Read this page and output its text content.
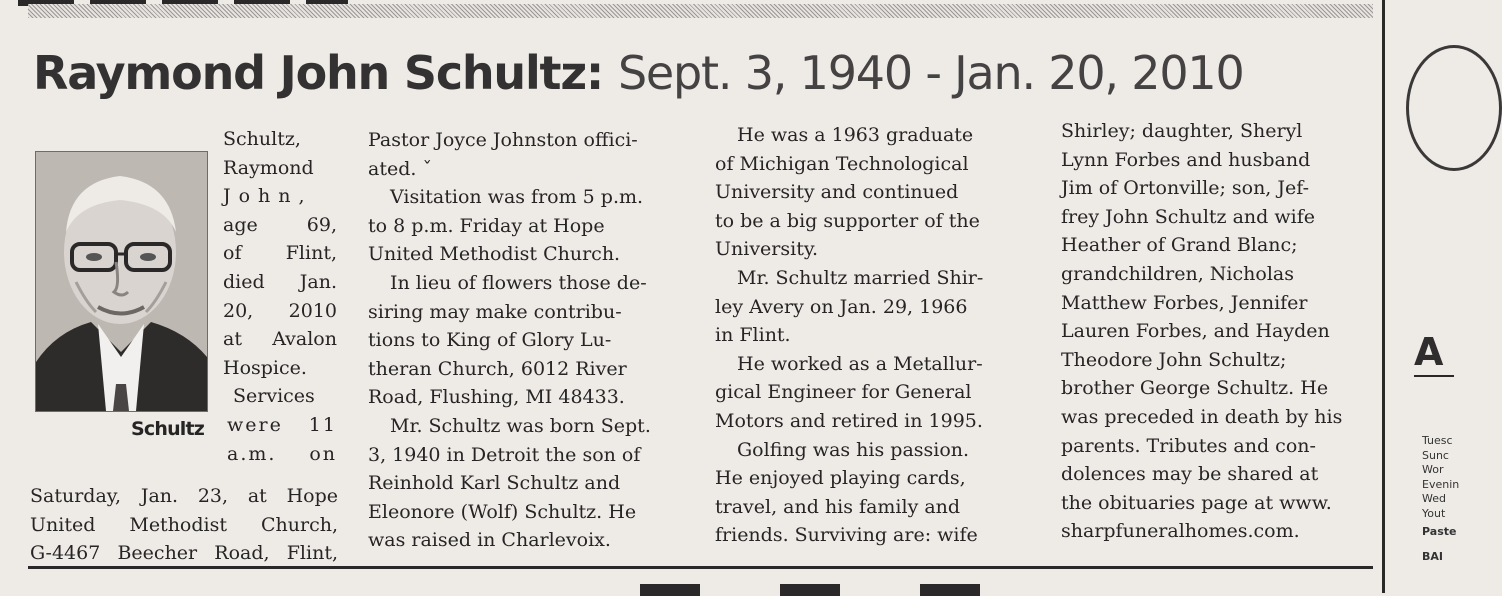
Raymond John Schultz: Sept. 3, 1940 - Jan. 20, 2010
Schultz

Schultz,

Raymond

John,

age 69,

of Flint,

died Jan.

20, 2010

at Avalon

Hospice.

Services

were 11

a.m. on

Saturday, Jan. 23, at Hope

United Methodist Church,

G-4467 Beecher Road, Flint,

Pastor Joyce Johnston offici-

ated. ˇ

Visitation was from 5 p.m.

to 8 p.m. Friday at Hope

United Methodist Church.

In lieu of flowers those de-

siring may make contribu-

tions to King of Glory Lu-

theran Church, 6012 River

Road, Flushing, MI 48433.

Mr. Schultz was born Sept.

3, 1940 in Detroit the son of

Reinhold Karl Schultz and

Eleonore (Wolf) Schultz. He

was raised in Charlevoix.

He was a 1963 graduate

of Michigan Technological

University and continued

to be a big supporter of the

University.

Mr. Schultz married Shir-

ley Avery on Jan. 29, 1966

in Flint.

He worked as a Metallur-

gical Engineer for General

Motors and retired in 1995.

Golfing was his passion.

He enjoyed playing cards,

travel, and his family and

friends. Surviving are: wife

Shirley; daughter, Sheryl

Lynn Forbes and husband

Jim of Ortonville; son, Jef-

frey John Schultz and wife

Heather of Grand Blanc;

grandchildren, Nicholas

Matthew Forbes, Jennifer

Lauren Forbes, and Hayden

Theodore John Schultz;

brother George Schultz. He

was preceded in death by his

parents. Tributes and con-

dolences may be shared at

the obituaries page at www.

sharpfuneralhomes.com.

A
Tuesc
Sunc
Wor
Evenin
Wed
Yout
Paste
BAI
